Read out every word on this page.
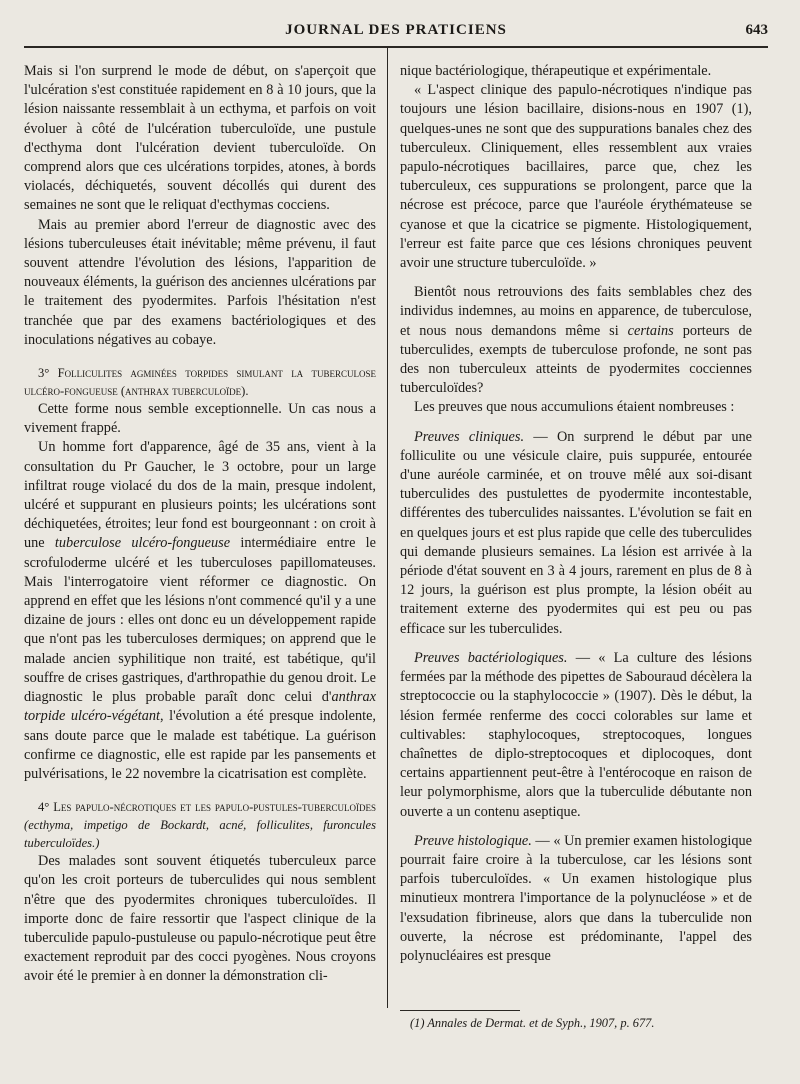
JOURNAL DES PRATICIENS	643

Mais si l'on surprend le mode de début, on s'aperçoit que l'ulcération s'est constituée rapidement en 8 à 10 jours, que la lésion naissante ressemblait à un ecthyma, et parfois on voit évoluer à côté de l'ulcération tuberculoïde, une pustule d'ecthyma dont l'ulcération devient tuberculoïde. On comprend alors que ces ulcérations torpides, atones, à bords violacés, déchiquetés, souvent décollés qui durent des semaines ne sont que le reliquat d'ecthymas cocciens.

Mais au premier abord l'erreur de diagnostic avec des lésions tuberculeuses était inévitable; même prévenu, il faut souvent attendre l'évolution des lésions, l'apparition de nouveaux éléments, la guérison des anciennes ulcérations par le traitement des pyodermites. Parfois l'hésitation n'est tranchée que par des examens bactériologiques et des inoculations négatives au cobaye.

3° Folliculites agminées torpides simulant la tuberculose ulcéro-fongueuse (anthrax tuberculoïde).

Cette forme nous semble exceptionnelle. Un cas nous a vivement frappé.

Un homme fort d'apparence, âgé de 35 ans, vient à la consultation du Pr Gaucher, le 3 octobre, pour un large infiltrat rouge violacé du dos de la main, presque indolent, ulcéré et suppurant en plusieurs points; les ulcérations sont déchiquetées, étroites; leur fond est bourgeonnant : on croit à une tuberculose ulcéro-fongueuse intermédiaire entre le scrofuloderme ulcéré et les tuberculoses papillomateuses. Mais l'interrogatoire vient réformer ce diagnostic. On apprend en effet que les lésions n'ont commencé qu'il y a une dizaine de jours : elles ont donc eu un développement rapide que n'ont pas les tuberculoses dermiques; on apprend que le malade ancien syphilitique non traité, est tabétique, qu'il souffre de crises gastriques, d'arthropathie du genou droit. Le diagnostic le plus probable paraît donc celui d'anthrax torpide ulcéro-végétant, l'évolution a été presque indolente, sans doute parce que le malade est tabétique. La guérison confirme ce diagnostic, elle est rapide par les pansements et pulvérisations, le 22 novembre la cicatrisation est complète.

4° Les papulo-nécrotiques et les papulo-pustules-tuberculoïdes (ecthyma, impetigo de Bockardt, acné, folliculites, furoncules tuberculoïdes.)

Des malades sont souvent étiquetés tuberculeux parce qu'on les croit porteurs de tuberculides qui nous semblent n'être que des pyodermites chroniques tuberculoïdes. Il importe donc de faire ressortir que l'aspect clinique de la tuberculide papulo-pustuleuse ou papulo-nécrotique peut être exactement reproduit par des cocci pyogènes. Nous croyons avoir été le premier à en donner la démonstration cli-

nique bactériologique, thérapeutique et expérimentale.

« L'aspect clinique des papulo-nécrotiques n'indique pas toujours une lésion bacillaire, disions-nous en 1907 (1), quelques-unes ne sont que des suppurations banales chez des tuberculeux. Cliniquement, elles ressemblent aux vraies papulo-nécrotiques bacillaires, parce que, chez les tuberculeux, ces suppurations se prolongent, parce que la nécrose est précoce, parce que l'auréole érythémateuse se cyanose et que la cicatrice se pigmente. Histologiquement, l'erreur est faite parce que ces lésions chroniques peuvent avoir une structure tuberculoïde. »

Bientôt nous retrouvions des faits semblables chez des individus indemnes, au moins en apparence, de tuberculose, et nous nous demandons même si certains porteurs de tuberculides, exempts de tuberculose profonde, ne sont pas des non tuberculeux atteints de pyodermites cocciennes tuberculoïdes?

Les preuves que nous accumulions étaient nombreuses :

Preuves cliniques. — On surprend le début par une folliculite ou une vésicule claire, puis suppurée, entourée d'une auréole carminée, et on trouve mêlé aux soi-disant tuberculides des pustulettes de pyodermite incontestable, différentes des tuberculides naissantes. L'évolution se fait en en quelques jours et est plus rapide que celle des tuberculides qui demande plusieurs semaines. La lésion est arrivée à la période d'état souvent en 3 à 4 jours, rarement en plus de 8 à 12 jours, la guérison est plus prompte, la lésion obéit au traitement externe des pyodermites qui est peu ou pas efficace sur les tuberculides.

Preuves bactériologiques. — « La culture des lésions fermées par la méthode des pipettes de Sabouraud décèlera la streptococcie ou la staphylococcie » (1907). Dès le début, la lésion fermée renferme des cocci colorables sur lame et cultivables: staphylocoques, streptocoques, longues chaînettes de diplo-streptocoques et diplocoques, dont certains appartiennent peut-être à l'entérocoque en raison de leur polymorphisme, alors que la tuberculide débutante non ouverte a un contenu aseptique.

Preuve histologique. — « Un premier examen histologique pourrait faire croire à la tuberculose, car les lésions sont parfois tuberculoïdes. « Un examen histologique plus minutieux montrera l'importance de la polynucléose » et de l'exsudation fibrineuse, alors que dans la tuberculide non ouverte, la nécrose est prédominante, l'appel des polynucléaires est presque

(1) Annales de Dermat. et de Syph., 1907, p. 677.
